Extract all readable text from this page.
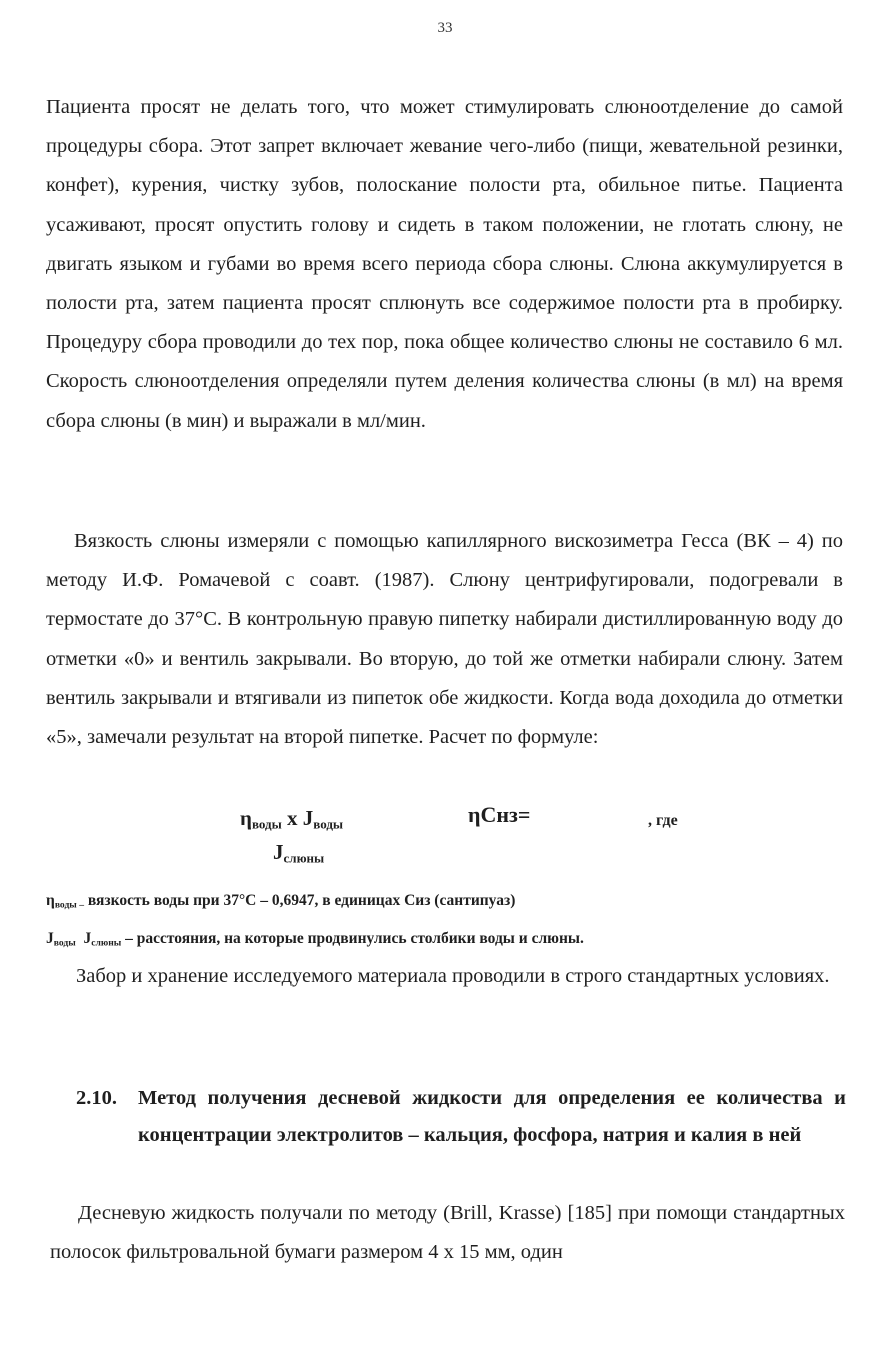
33

Пациента просят не делать того, что может стимулировать слюноотделение до самой процедуры сбора. Этот запрет включает жевание чего-либо (пищи, жевательной резинки, конфет), курения, чистку зубов, полоскание полости рта, обильное питье. Пациента усаживают, просят опустить голову и сидеть в таком положении, не глотать слюну, не двигать языком и губами во время всего периода сбора слюны. Слюна аккумулируется в полости рта, затем пациента просят сплюнуть все содержимое полости рта в пробирку. Процедуру сбора проводили до тех пор, пока общее количество слюны не составило 6 мл. Скорость слюноотделения определяли путем деления количества слюны (в мл) на время сбора слюны (в мин) и выражали в мл/мин.

Вязкость слюны измеряли с помощью капиллярного вискозиметра Гесса (ВК – 4) по методу И.Ф. Ромачевой с соавт. (1987). Слюну центрифугировали, подогревали в термостате до 37°С. В контрольную правую пипетку набирали дистиллированную воду до отметки «0» и вентиль закрывали. Во вторую, до той же отметки набирали слюну. Затем вентиль закрывали и втягивали из пипеток обе жидкости. Когда вода доходила до отметки «5», замечали результат на второй пипетке. Расчет по формуле:

$\eta_{воды}$ х $J_{воды}$	ηСнз=	, где
$J_{слюны}$

$\eta_{воды -}$ вязкость воды при 37°С – 0,6947, в единицах Сиз (сантипуаз)

$J_{воды}$ $J_{слюны}$ – расстояния, на которые продвинулись столбики воды и слюны.

Забор и хранение исследуемого материала проводили в строго стандартных условиях.

2.10. Метод получения десневой жидкости для определения ее количества и концентрации электролитов – кальция, фосфора, натрия и калия в ней

Десневую жидкость получали по методу (Brill, Krasse) [185] при помощи стандартных полосок фильтровальной бумаги размером 4 х 15 мм, один
